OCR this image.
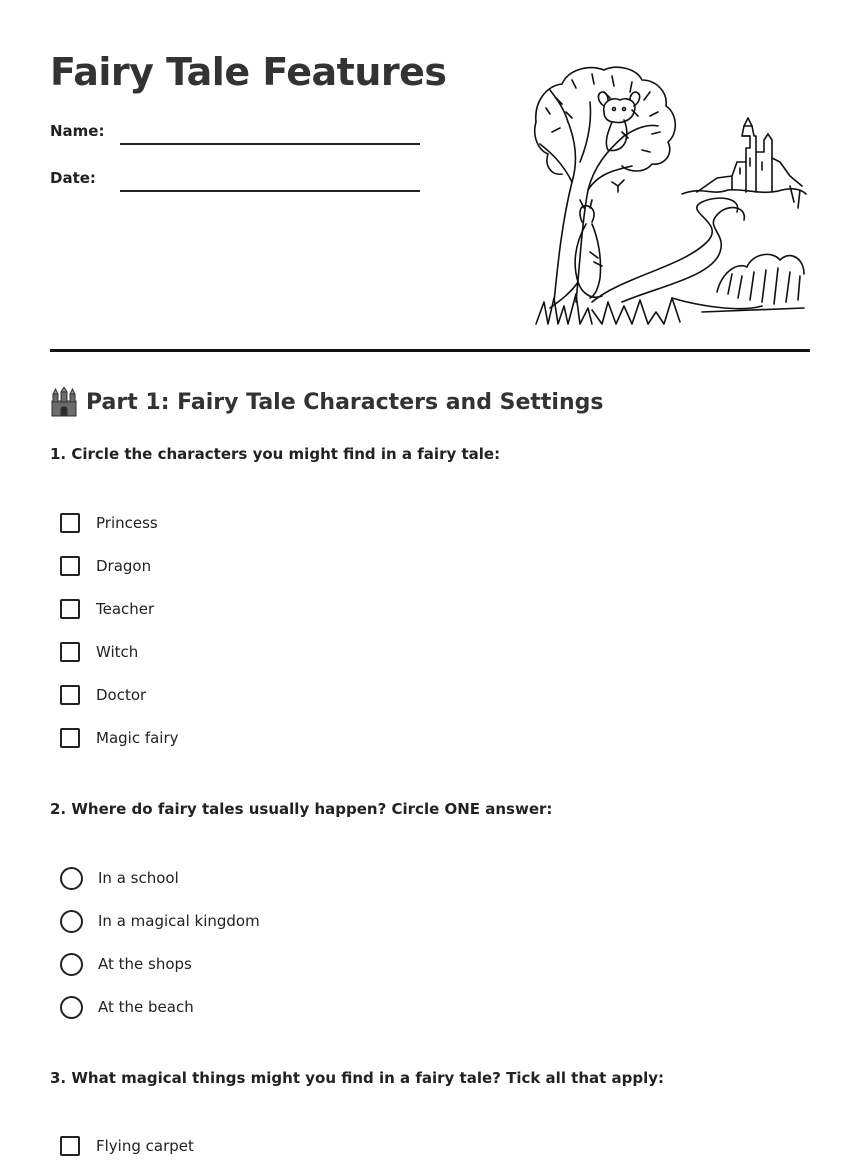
Fairy Tale Features
Name:
Date:
Part 1: Fairy Tale Characters and Settings
1. Circle the characters you might find in a fairy tale:
Princess
Dragon
Teacher
Witch
Doctor
Magic fairy
2. Where do fairy tales usually happen? Circle ONE answer:
In a school
In a magical kingdom
At the shops
At the beach
3. What magical things might you find in a fairy tale? Tick all that apply:
Flying carpet
